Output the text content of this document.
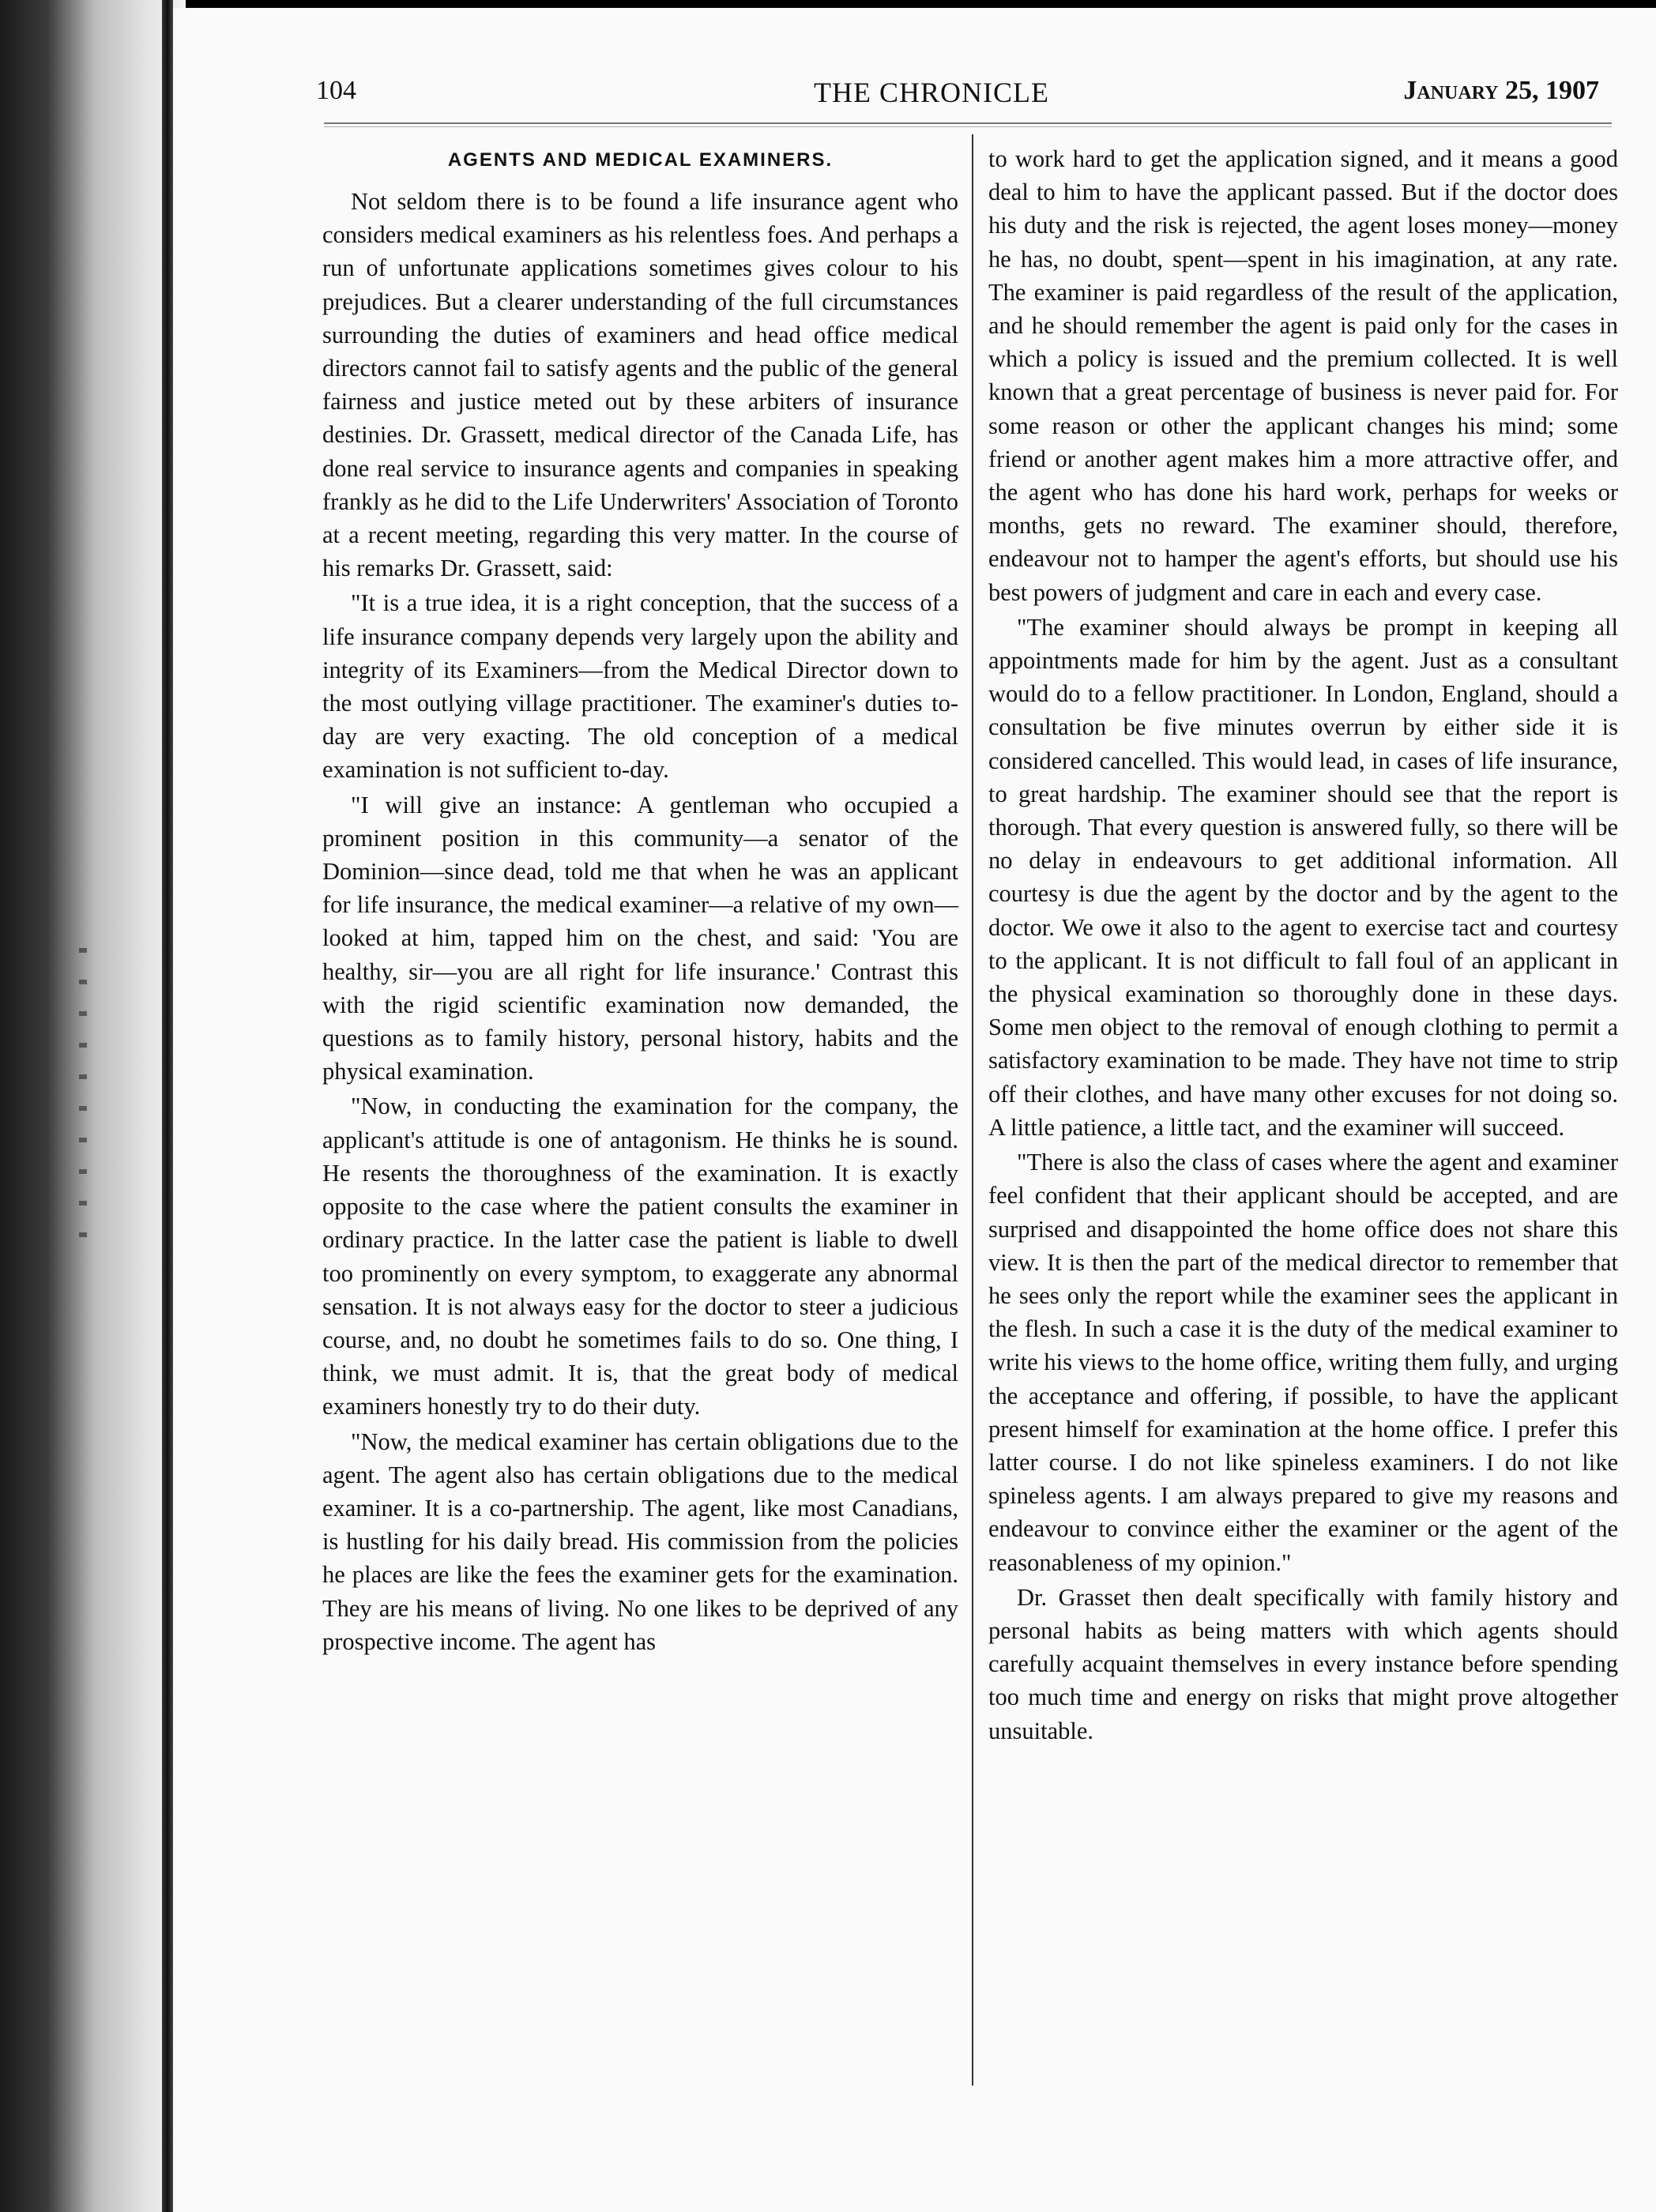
104	THE CHRONICLE	January 25, 1907
AGENTS AND MEDICAL EXAMINERS.

Not seldom there is to be found a life insurance agent who considers medical examiners as his relentless foes. And perhaps a run of unfortunate applications sometimes gives colour to his prejudices. But a clearer understanding of the full circumstances surrounding the duties of examiners and head office medical directors cannot fail to satisfy agents and the public of the general fairness and justice meted out by these arbiters of insurance destinies. Dr. Grassett, medical director of the Canada Life, has done real service to insurance agents and companies in speaking frankly as he did to the Life Underwriters' Association of Toronto at a recent meeting, regarding this very matter. In the course of his remarks Dr. Grassett, said:

"It is a true idea, it is a right conception, that the success of a life insurance company depends very largely upon the ability and integrity of its Examiners—from the Medical Director down to the most outlying village practitioner. The examiner's duties to-day are very exacting. The old conception of a medical examination is not sufficient to-day.

"I will give an instance: A gentleman who occupied a prominent position in this community—a senator of the Dominion—since dead, told me that when he was an applicant for life insurance, the medical examiner—a relative of my own—looked at him, tapped him on the chest, and said: 'You are healthy, sir—you are all right for life insurance.' Contrast this with the rigid scientific examination now demanded, the questions as to family history, personal history, habits and the physical examination.

"Now, in conducting the examination for the company, the applicant's attitude is one of antagonism. He thinks he is sound. He resents the thoroughness of the examination. It is exactly opposite to the case where the patient consults the examiner in ordinary practice. In the latter case the patient is liable to dwell too prominently on every symptom, to exaggerate any abnormal sensation. It is not always easy for the doctor to steer a judicious course, and, no doubt he sometimes fails to do so. One thing, I think, we must admit. It is, that the great body of medical examiners honestly try to do their duty.

"Now, the medical examiner has certain obligations due to the agent. The agent also has certain obligations due to the medical examiner. It is a co-partnership. The agent, like most Canadians, is hustling for his daily bread. His commission from the policies he places are like the fees the examiner gets for the examination. They are his means of living. No one likes to be deprived of any prospective income. The agent has

to work hard to get the application signed, and it means a good deal to him to have the applicant passed. But if the doctor does his duty and the risk is rejected, the agent loses money—money he has, no doubt, spent—spent in his imagination, at any rate. The examiner is paid regardless of the result of the application, and he should remember the agent is paid only for the cases in which a policy is issued and the premium collected. It is well known that a great percentage of business is never paid for. For some reason or other the applicant changes his mind; some friend or another agent makes him a more attractive offer, and the agent who has done his hard work, perhaps for weeks or months, gets no reward. The examiner should, therefore, endeavour not to hamper the agent's efforts, but should use his best powers of judgment and care in each and every case.

"The examiner should always be prompt in keeping all appointments made for him by the agent. Just as a consultant would do to a fellow practitioner. In London, England, should a consultation be five minutes overrun by either side it is considered cancelled. This would lead, in cases of life insurance, to great hardship. The examiner should see that the report is thorough. That every question is answered fully, so there will be no delay in endeavours to get additional information. All courtesy is due the agent by the doctor and by the agent to the doctor. We owe it also to the agent to exercise tact and courtesy to the applicant. It is not difficult to fall foul of an applicant in the physical examination so thoroughly done in these days. Some men object to the removal of enough clothing to permit a satisfactory examination to be made. They have not time to strip off their clothes, and have many other excuses for not doing so. A little patience, a little tact, and the examiner will succeed.

"There is also the class of cases where the agent and examiner feel confident that their applicant should be accepted, and are surprised and disappointed the home office does not share this view. It is then the part of the medical director to remember that he sees only the report while the examiner sees the applicant in the flesh. In such a case it is the duty of the medical examiner to write his views to the home office, writing them fully, and urging the acceptance and offering, if possible, to have the applicant present himself for examination at the home office. I prefer this latter course. I do not like spineless examiners. I do not like spineless agents. I am always prepared to give my reasons and endeavour to convince either the examiner or the agent of the reasonableness of my opinion."

Dr. Grasset then dealt specifically with family history and personal habits as being matters with which agents should carefully acquaint themselves in every instance before spending too much time and energy on risks that might prove altogether unsuitable.
